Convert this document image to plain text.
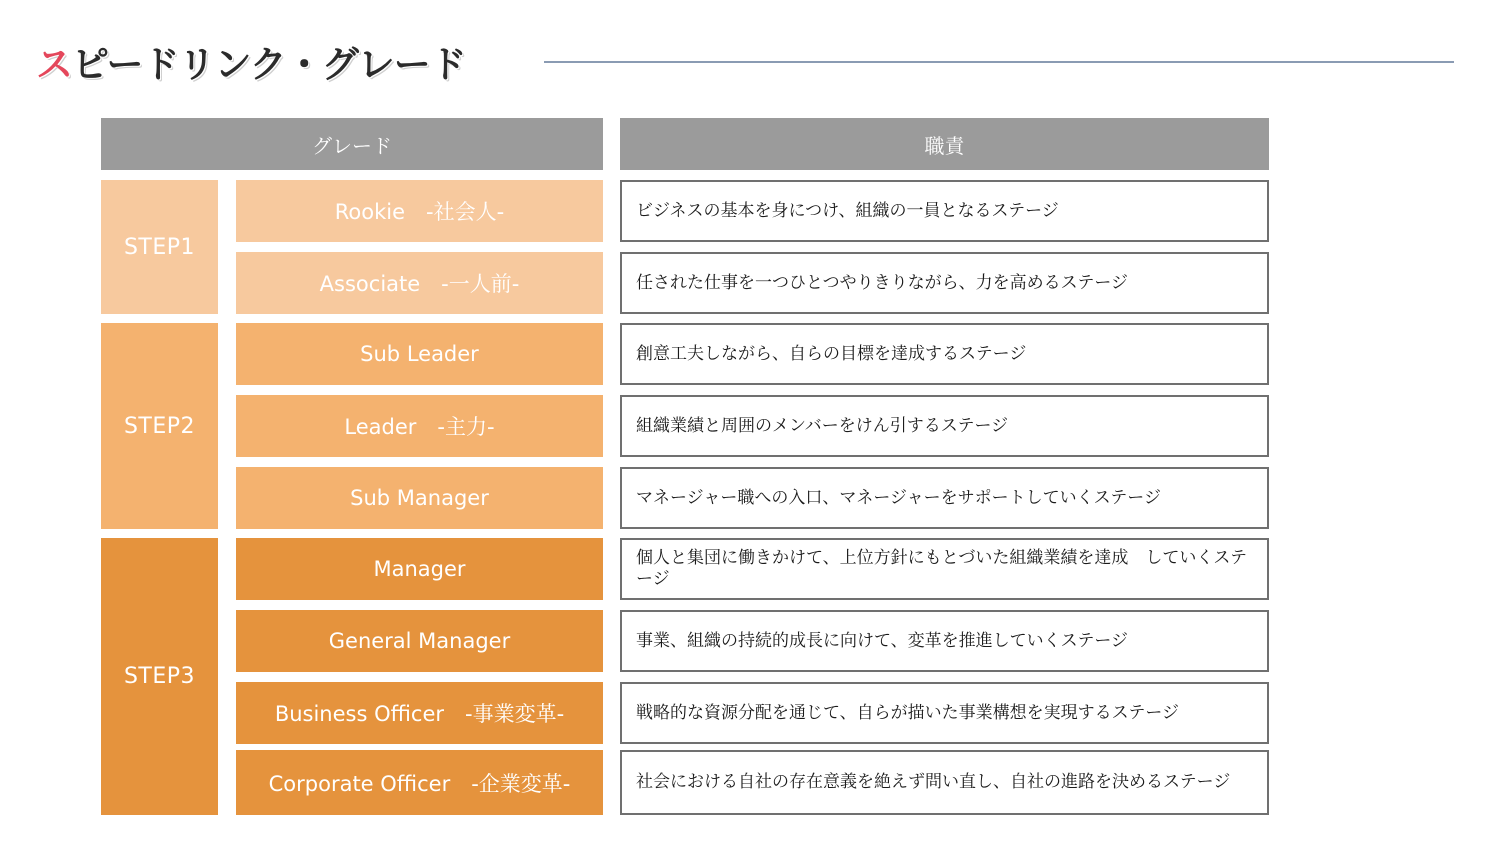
スピードリンク・グレード
グレード	職責
STEP1
STEP2
STEP3
Rookie　-社会人-
Associate　-一人前-
Sub Leader
Leader　-主力-
Sub Manager
Manager
General Manager
Business Officer　-事業変革-
Corporate Officer　-企業変革-
ビジネスの基本を身につけ、組織の一員となるステージ
任された仕事を一つひとつやりきりながら、力を高めるステージ
創意工夫しながら、自らの目標を達成するステージ
組織業績と周囲のメンバーをけん引するステージ
マネージャー職への入口、マネージャーをサポートしていくステージ
個人と集団に働きかけて、上位方針にもとづいた組織業績を達成　していくステージ
事業、組織の持続的成長に向けて、変革を推進していくステージ
戦略的な資源分配を通じて、自らが描いた事業構想を実現するステージ
社会における自社の存在意義を絶えず問い直し、自社の進路を決めるステージ
